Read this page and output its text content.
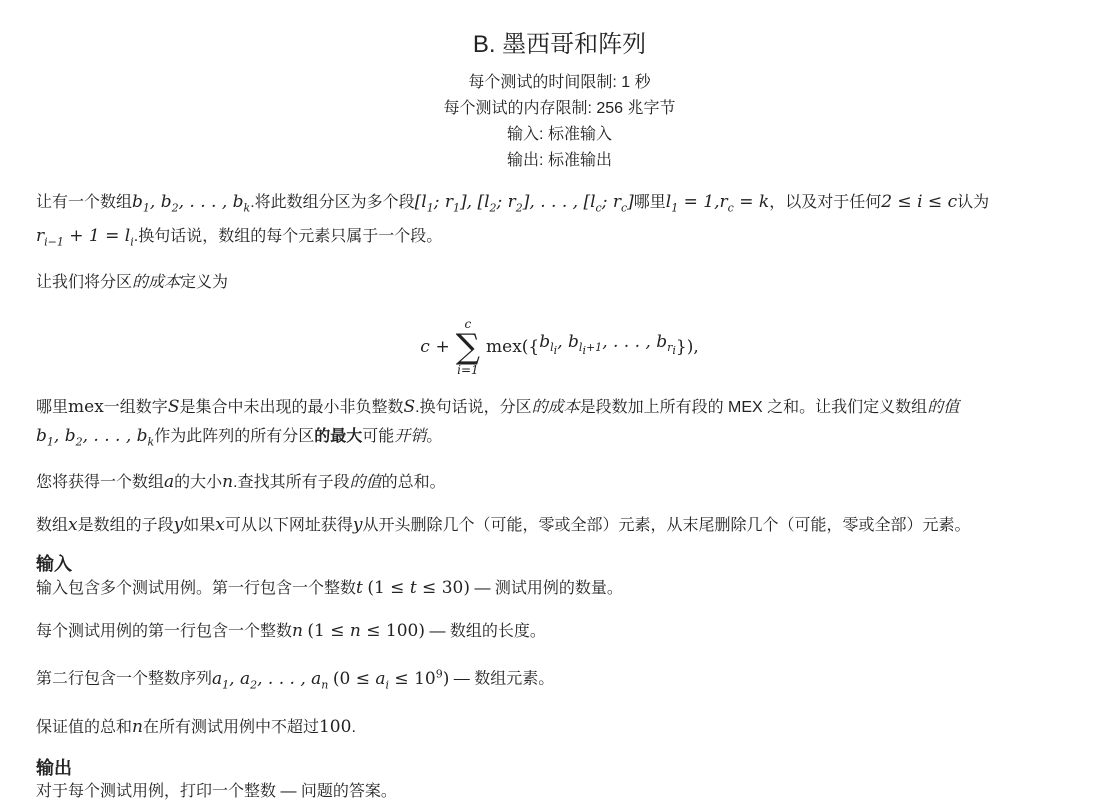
B. 墨西哥和阵列
每个测试的时间限制: 1 秒
每个测试的内存限制: 256 兆字节
输入: 标准输入
输出: 标准输出

让有一个数组$b_1$, $b_2$, . . . , $b_k$.将此数组分区为多个段[$l_1$; $r_1$], [$l_2$; $r_2$], . . . , [$l_c$; $r_c$]哪里$l_1 = 1,r_c = k$，以及对于任何2 ≤ i ≤ c认为
$r_{i-1} + 1 = l_i$.换句话说，数组的每个元素只属于一个段。

让我们将分区的成本定义为

c
+
c
∑
i=1
mex({ $b_{l_i}$, $b_{l_i+1}$, . . . , $b_{r_i}$ }),

哪里mex一组数字S是集合中未出现的最小非负整数S.换句话说，分区的成本是段数加上所有段的 MEX 之和。让我们定义数组的值
$b_1$, $b_2$, . . . , $b_k$作为此阵列的所有分区的最大可能开销。

您将获得一个数组a的大小n.查找其所有子段的值的总和。

数组x是数组的子段y如果x可从以下网址获得y从开头删除几个（可能，零或全部）元素，从末尾删除几个（可能，零或全部）元素。

输入

输入包含多个测试用例。第一行包含一个整数t (1 ≤ t ≤ 30) — 测试用例的数量。

每个测试用例的第一行包含一个整数n (1 ≤ n ≤ 100) — 数组的长度。

第二行包含一个整数序列$a_1$, $a_2$, . . . , $a_n$ $(0 \le a_i \le 10^9)$ — 数组元素。

保证值的总和n在所有测试用例中不超过100.

输出

对于每个测试用例，打印一个整数 — 问题的答案。
